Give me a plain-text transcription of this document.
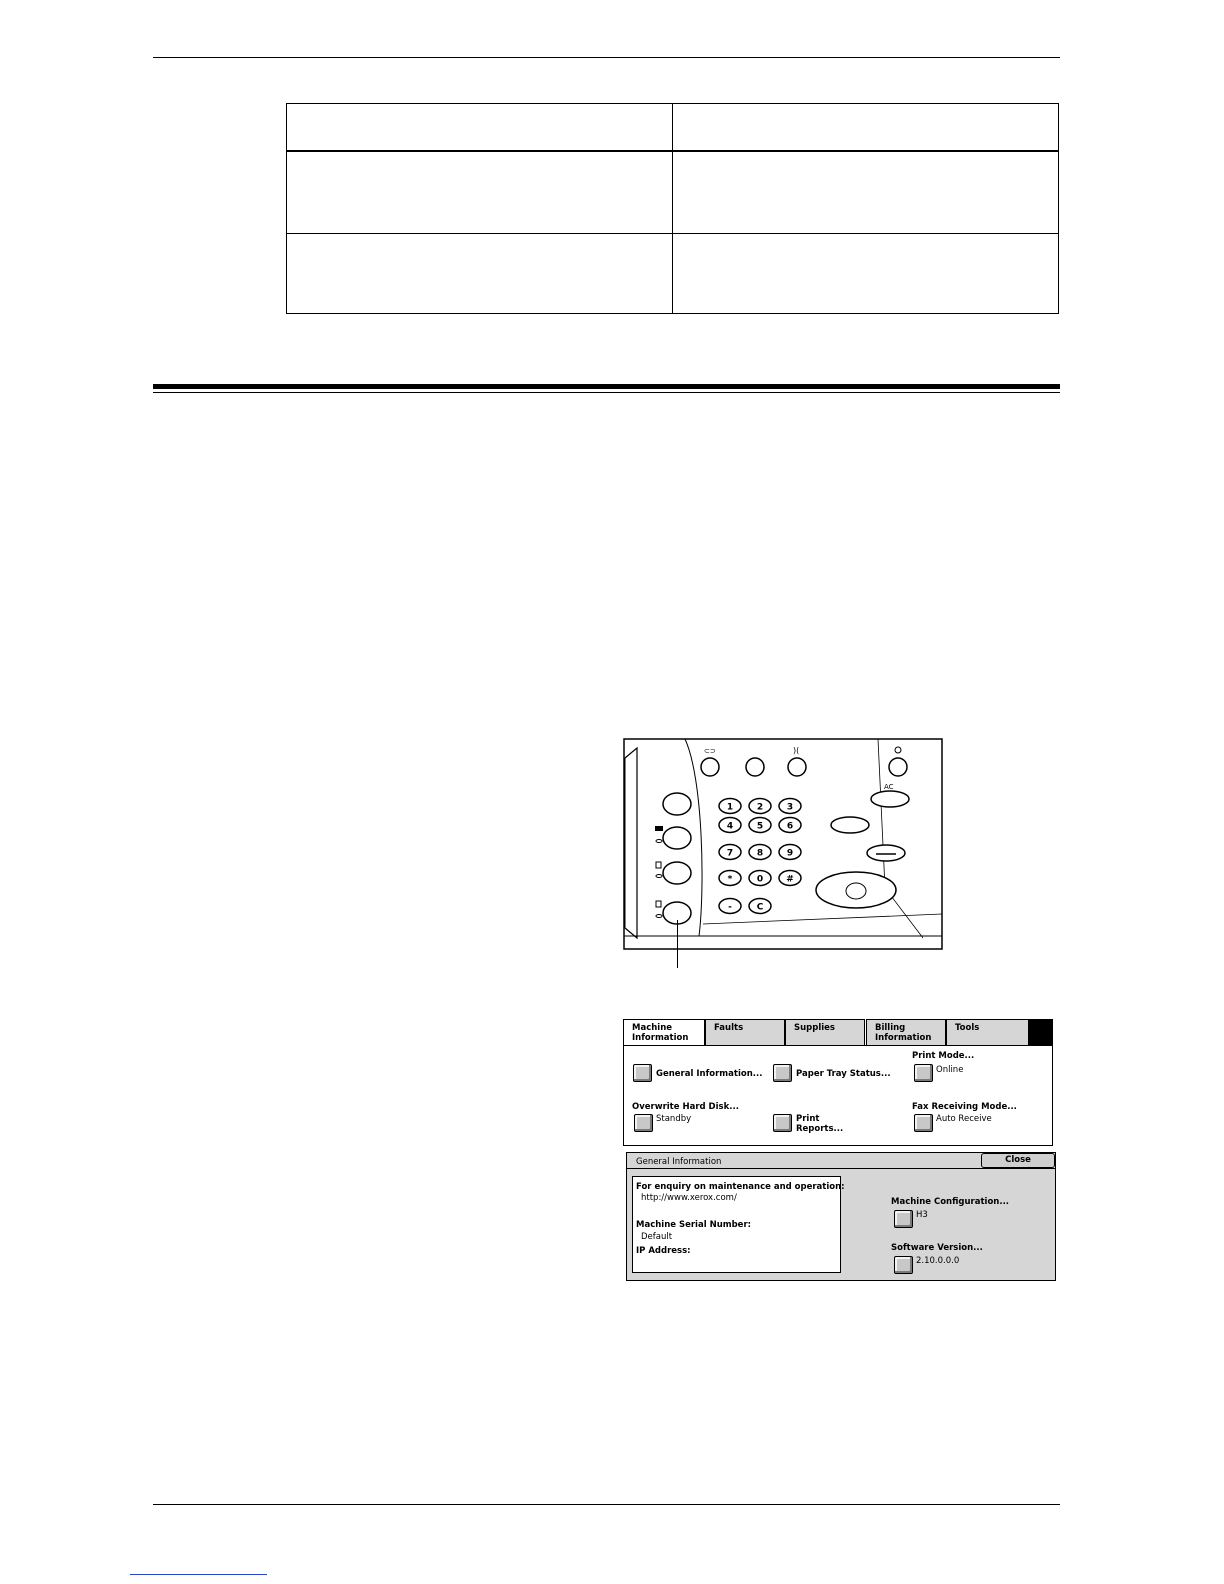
⊂⊃	)(
AC
1	2	3
4	5	6
7	8	9
*	0	#
-	C
Machine
Information
Faults	Supplies	Billing
Information
Tools
General Information...	Paper Tray Status...
Print Mode...
Online
Overwrite Hard Disk...
Standby	Print
Reports...
Fax Receiving Mode...
Auto Receive
General Information	Close
For enquiry on maintenance and operation:
http://www.xerox.com/
Machine Serial Number:
Default
IP Address:
Machine Configuration...
H3
Software Version...
2.10.0.0.0
